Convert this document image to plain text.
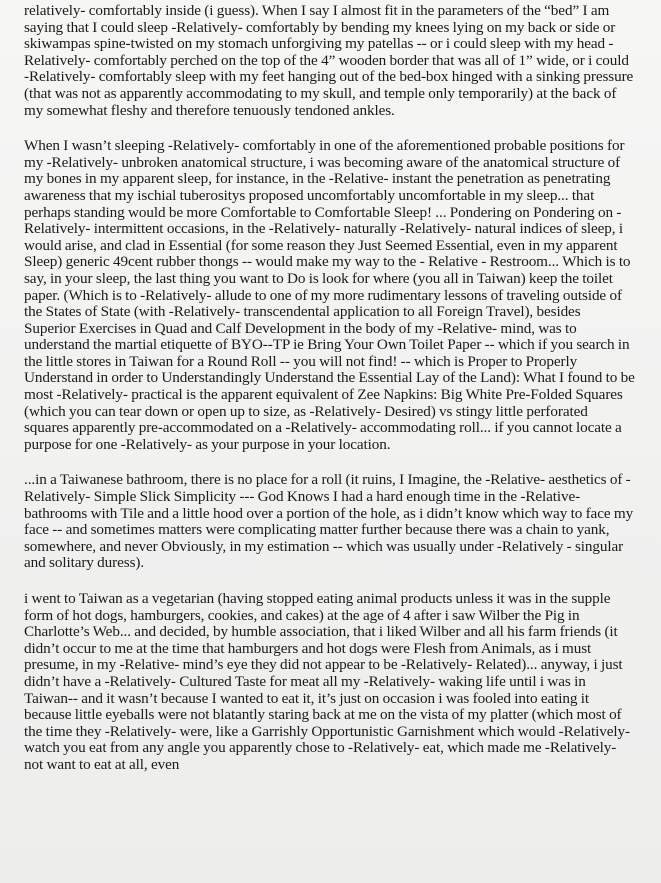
relatively- comfortably inside (i guess). When I say I almost fit in the parameters of the “bed” I am saying that I could sleep -Relatively- comfortably by bending my knees lying on my back or side or skiwampas spine-twisted on my stomach unforgiving my patellas -- or i could sleep with my head -Relatively- comfortably perched on the top of the 4” wooden border that was all of 1” wide, or i could -Relatively- comfortably sleep with my feet hanging out of the bed-box hinged with a sinking pressure (that was not as apparently accommodating to my skull, and temple only temporarily) at the back of my somewhat fleshy and therefore tenuously tendoned ankles.

When I wasn’t sleeping -Relatively- comfortably in one of the aforementioned probable positions for my -Relatively- unbroken anatomical structure, i was becoming aware of the anatomical structure of my bones in my apparent sleep, for instance, in the -Relative- instant the penetration as penetrating awareness that my ischial tuberositys proposed uncomfortably uncomfortable in my sleep... that perhaps standing would be more Comfortable to Comfortable Sleep! ... Pondering on Pondering on -Relatively- intermittent occasions, in the -Relatively- naturally -Relatively- natural indices of sleep, i would arise, and clad in Essential (for some reason they Just Seemed Essential, even in my apparent Sleep) generic 49cent rubber thongs -- would make my way to the - Relative - Restroom... Which is to say, in your sleep, the last thing you want to Do is look for where (you all in Taiwan) keep the toilet paper. (Which is to -Relatively- allude to one of my more rudimentary lessons of traveling outside of the States of State (with -Relatively- transcendental application to all Foreign Travel), besides Superior Exercises in Quad and Calf Development in the body of my -Relative- mind, was to understand the martial etiquette of BYO--TP ie Bring Your Own Toilet Paper -- which if you search in the little stores in Taiwan for a Round Roll -- you will not find! -- which is Proper to Properly Understand in order to Understandingly Understand the Essential Lay of the Land): What I found to be most -Relatively- practical is the apparent equivalent of Zee Napkins: Big White Pre-Folded Squares (which you can tear down or open up to size, as -Relatively- Desired) vs stingy little perforated squares apparently pre-accommodated on a -Relatively- accommodating roll... if you cannot locate a purpose for one -Relatively- as your purpose in your location.

...in a Taiwanese bathroom, there is no place for a roll (it ruins, I Imagine, the -Relative- aesthetics of -Relatively- Simple Slick Simplicity --- God Knows I had a hard enough time in the -Relative- bathrooms with Tile and a little hood over a portion of the hole, as i didn’t know which way to face my face -- and sometimes matters were complicating matter further because there was a chain to yank, somewhere, and never Obviously, in my estimation -- which was usually under -Relatively - singular and solitary duress).

i went to Taiwan as a vegetarian (having stopped eating animal products unless it was in the supple form of hot dogs, hamburgers, cookies, and cakes) at the age of 4 after i saw Wilber the Pig in Charlotte’s Web... and decided, by humble association, that i liked Wilber and all his farm friends (it didn’t occur to me at the time that hamburgers and hot dogs were Flesh from Animals, as i must presume, in my -Relative- mind’s eye they did not appear to be -Relatively- Related)... anyway, i just didn’t have a -Relatively- Cultured Taste for meat all my -Relatively- waking life until i was in Taiwan-- and it wasn’t because I wanted to eat it, it’s just on occasion i was fooled into eating it because little eyeballs were not blatantly staring back at me on the vista of my platter (which most of the time they -Relatively- were, like a Garrishly Opportunistic Garnishment which would -Relatively- watch you eat from any angle you apparently chose to -Relatively- eat, which made me -Relatively- not want to eat at all, even
